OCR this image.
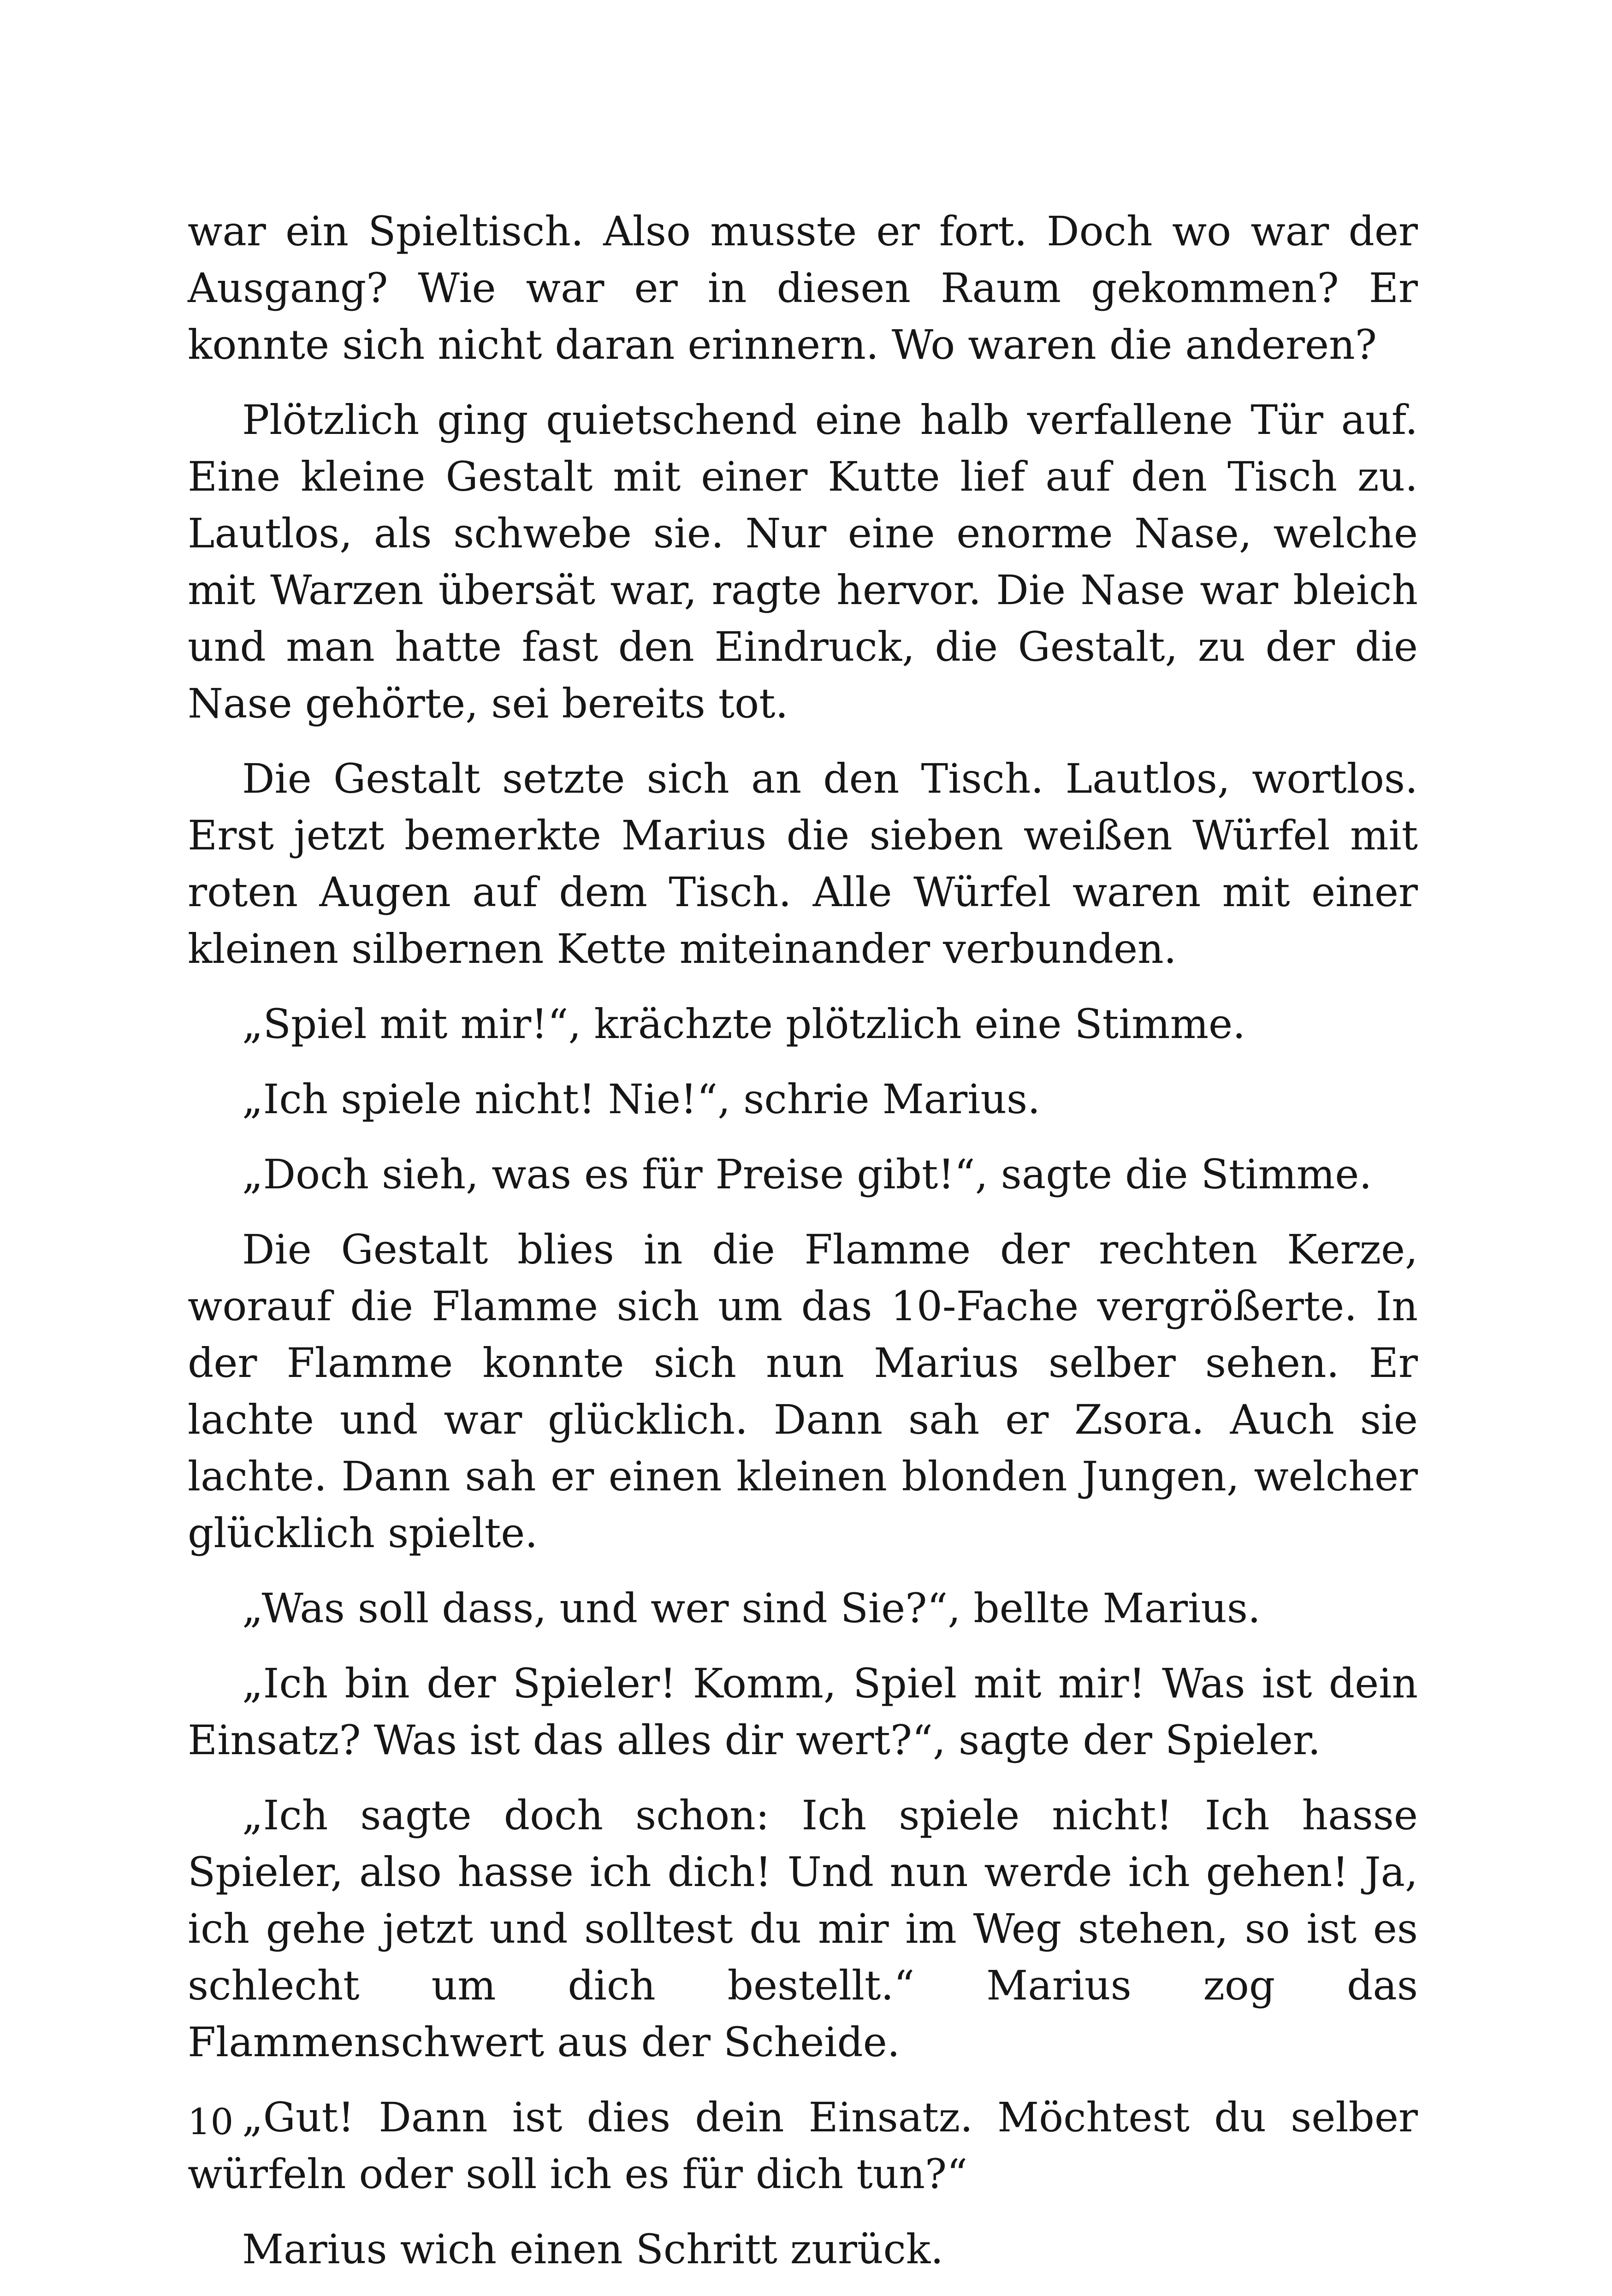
war ein Spieltisch. Also musste er fort. Doch wo war der Ausgang? Wie war er in diesen Raum gekommen? Er konnte sich nicht daran erinnern. Wo waren die anderen?

Plötzlich ging quietschend eine halb verfallene Tür auf. Eine kleine Gestalt mit einer Kutte lief auf den Tisch zu. Lautlos, als schwebe sie. Nur eine enorme Nase, welche mit Warzen übersät war, ragte hervor. Die Nase war bleich und man hatte fast den Eindruck, die Gestalt, zu der die Nase gehörte, sei bereits tot.

Die Gestalt setzte sich an den Tisch. Lautlos, wortlos. Erst jetzt bemerkte Marius die sieben weißen Würfel mit roten Augen auf dem Tisch. Alle Würfel waren mit einer kleinen silbernen Kette miteinander verbunden.

„Spiel mit mir!“, krächzte plötzlich eine Stimme.

„Ich spiele nicht! Nie!“, schrie Marius.

„Doch sieh, was es für Preise gibt!“, sagte die Stimme.

Die Gestalt blies in die Flamme der rechten Kerze, worauf die Flamme sich um das 10-Fache vergrößerte. In der Flamme konnte sich nun Marius selber sehen. Er lachte und war glücklich. Dann sah er Zsora. Auch sie lachte. Dann sah er einen kleinen blonden Jungen, welcher glücklich spielte.

„Was soll dass, und wer sind Sie?“, bellte Marius.

„Ich bin der Spieler! Komm, Spiel mit mir! Was ist dein Einsatz? Was ist das alles dir wert?“, sagte der Spieler.

„Ich sagte doch schon: Ich spiele nicht! Ich hasse Spieler, also hasse ich dich! Und nun werde ich gehen! Ja, ich gehe jetzt und solltest du mir im Weg stehen, so ist es schlecht um dich bestellt.“ Marius zog das Flammenschwert aus der Scheide.

„Gut! Dann ist dies dein Einsatz. Möchtest du selber würfeln oder soll ich es für dich tun?“

Marius wich einen Schritt zurück.

10
